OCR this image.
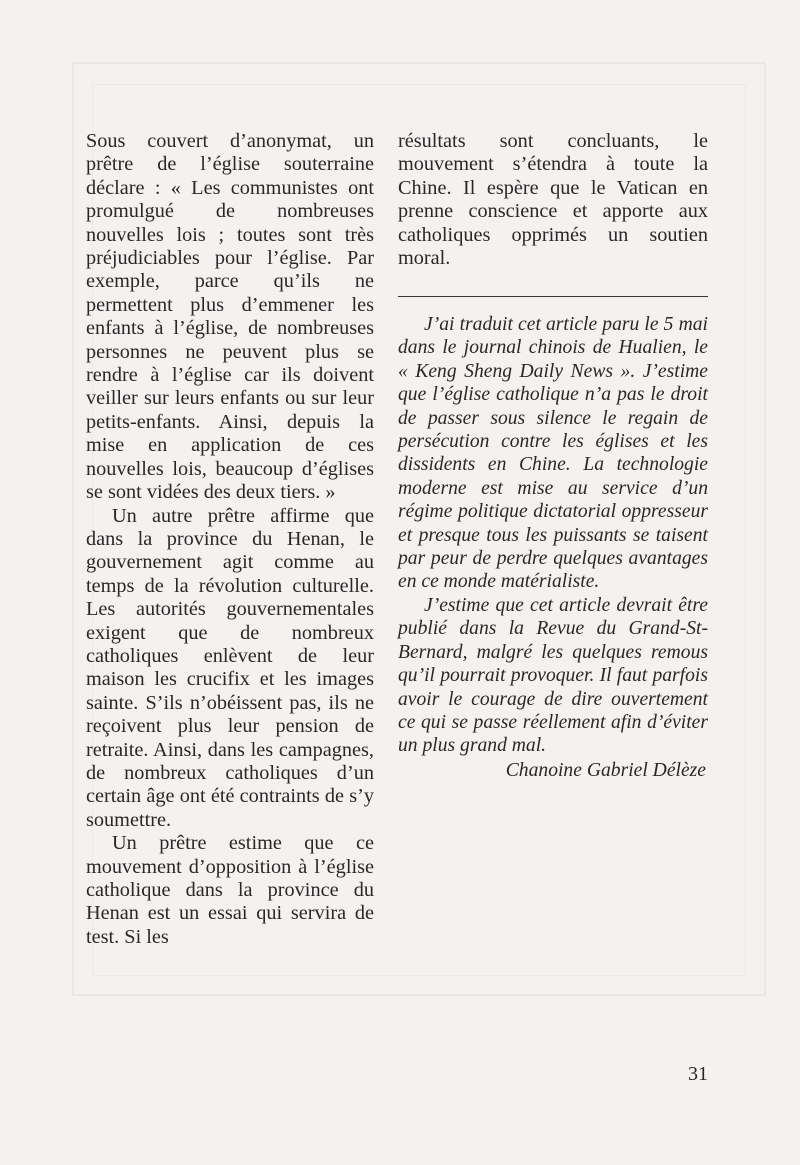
Sous couvert d’anonymat, un prêtre de l’église souterraine déclare : « Les communistes ont promulgué de nombreuses nouvelles lois ; toutes sont très préjudiciables pour l’église. Par exemple, parce qu’ils ne permettent plus d’emmener les enfants à l’église, de nombreuses personnes ne peuvent plus se rendre à l’église car ils doivent veiller sur leurs enfants ou sur leur petits-enfants. Ainsi, depuis la mise en application de ces nouvelles lois, beaucoup d’églises se sont vidées des deux tiers. »

Un autre prêtre affirme que dans la province du Henan, le gouvernement agit comme au temps de la révolution culturelle. Les autorités gouvernementales exigent que de nombreux catholiques enlèvent de leur maison les crucifix et les images sainte. S’ils n’obéissent pas, ils ne reçoivent plus leur pension de retraite. Ainsi, dans les campagnes, de nombreux catholiques d’un certain âge ont été contraints de s’y soumettre.

Un prêtre estime que ce mouvement d’opposition à l’église catholique dans la province du Henan est un essai qui servira de test. Si les

résultats sont concluants, le mouvement s’étendra à toute la Chine. Il espère que le Vatican en prenne conscience et apporte aux catholiques opprimés un soutien moral.

J’ai traduit cet article paru le 5 mai dans le journal chinois de Hualien, le « Keng Sheng Daily News ». J’estime que l’église catholique n’a pas le droit de passer sous silence le regain de persécution contre les églises et les dissidents en Chine. La technologie moderne est mise au service d’un régime politique dictatorial oppresseur et presque tous les puissants se taisent par peur de perdre quelques avantages en ce monde matérialiste.

J’estime que cet article devrait être publié dans la Revue du Grand-St-Bernard, malgré les quelques remous qu’il pourrait provoquer. Il faut parfois avoir le courage de dire ouvertement ce qui se passe réellement afin d’éviter un plus grand mal.

Chanoine Gabriel Délèze
31
